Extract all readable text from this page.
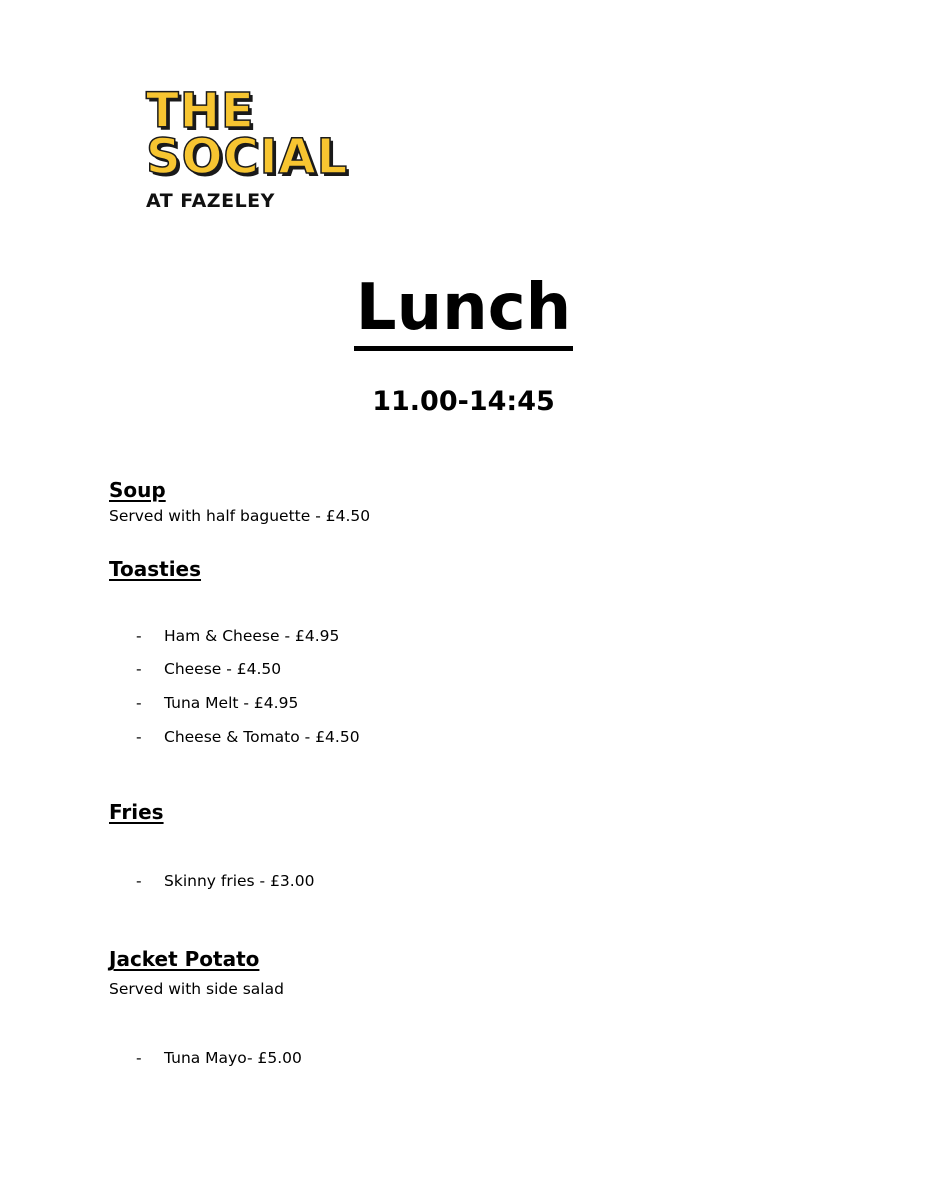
THE
SOCIAL
AT FAZELEY
Lunch
11.00-14:45
Soup
Served with half baguette - £4.50
Toasties
- Ham & Cheese - £4.95
- Cheese - £4.50
- Tuna Melt - £4.95
- Cheese & Tomato - £4.50
Fries
- Skinny fries - £3.00
Jacket Potato
Served with side salad
- Tuna Mayo- £5.00
